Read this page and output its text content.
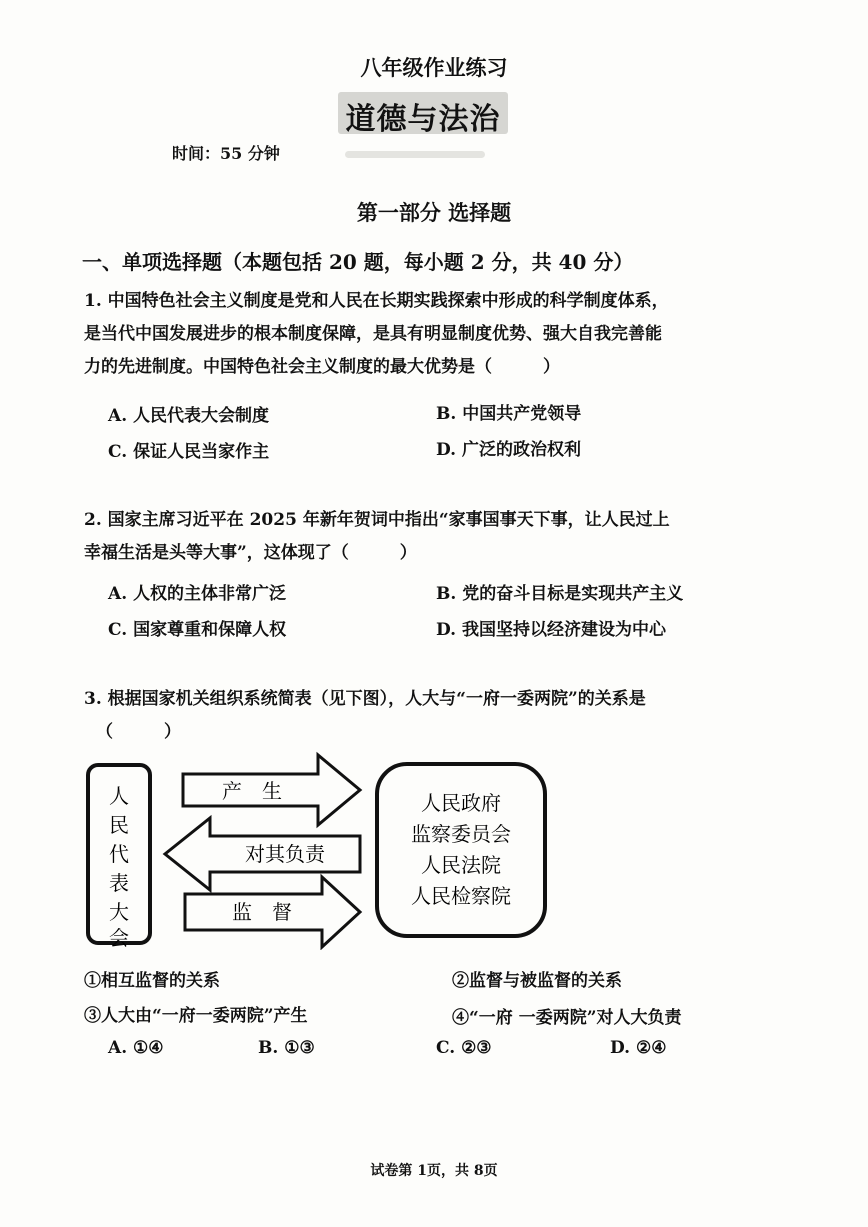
八年级作业练习
道德与法治
时间：55 分钟
第一部分 选择题
一、单项选择题（本题包括 20 题，每小题 2 分，共 40 分）
1. 中国特色社会主义制度是党和人民在长期实践探索中形成的科学制度体系，
是当代中国发展进步的根本制度保障，是具有明显制度优势、强大自我完善能
力的先进制度。中国特色社会主义制度的最大优势是（　　　）
A. 人民代表大会制度	B. 中国共产党领导
C. 保证人民当家作主	D. 广泛的政治权利
2. 国家主席习近平在 2025 年新年贺词中指出“家事国事天下事，让人民过上
幸福生活是头等大事”，这体现了（　　　）
A. 人权的主体非常广泛	B. 党的奋斗目标是实现共产主义
C. 国家尊重和保障人权	D. 我国坚持以经济建设为中心
3. 根据国家机关组织系统简表（见下图），人大与“一府一委两院”的关系是
（　　　）
人
民
代
表
大
会
产　生
对其负责
监　督
人民政府
监察委员会
人民法院
人民检察院
①相互监督的关系	②监督与被监督的关系
③人大由“一府一委两院”产生	④“一府 一委两院”对人大负责
A. ①④	B. ①③	C. ②③	D. ②④
试卷第 1页，共 8页
